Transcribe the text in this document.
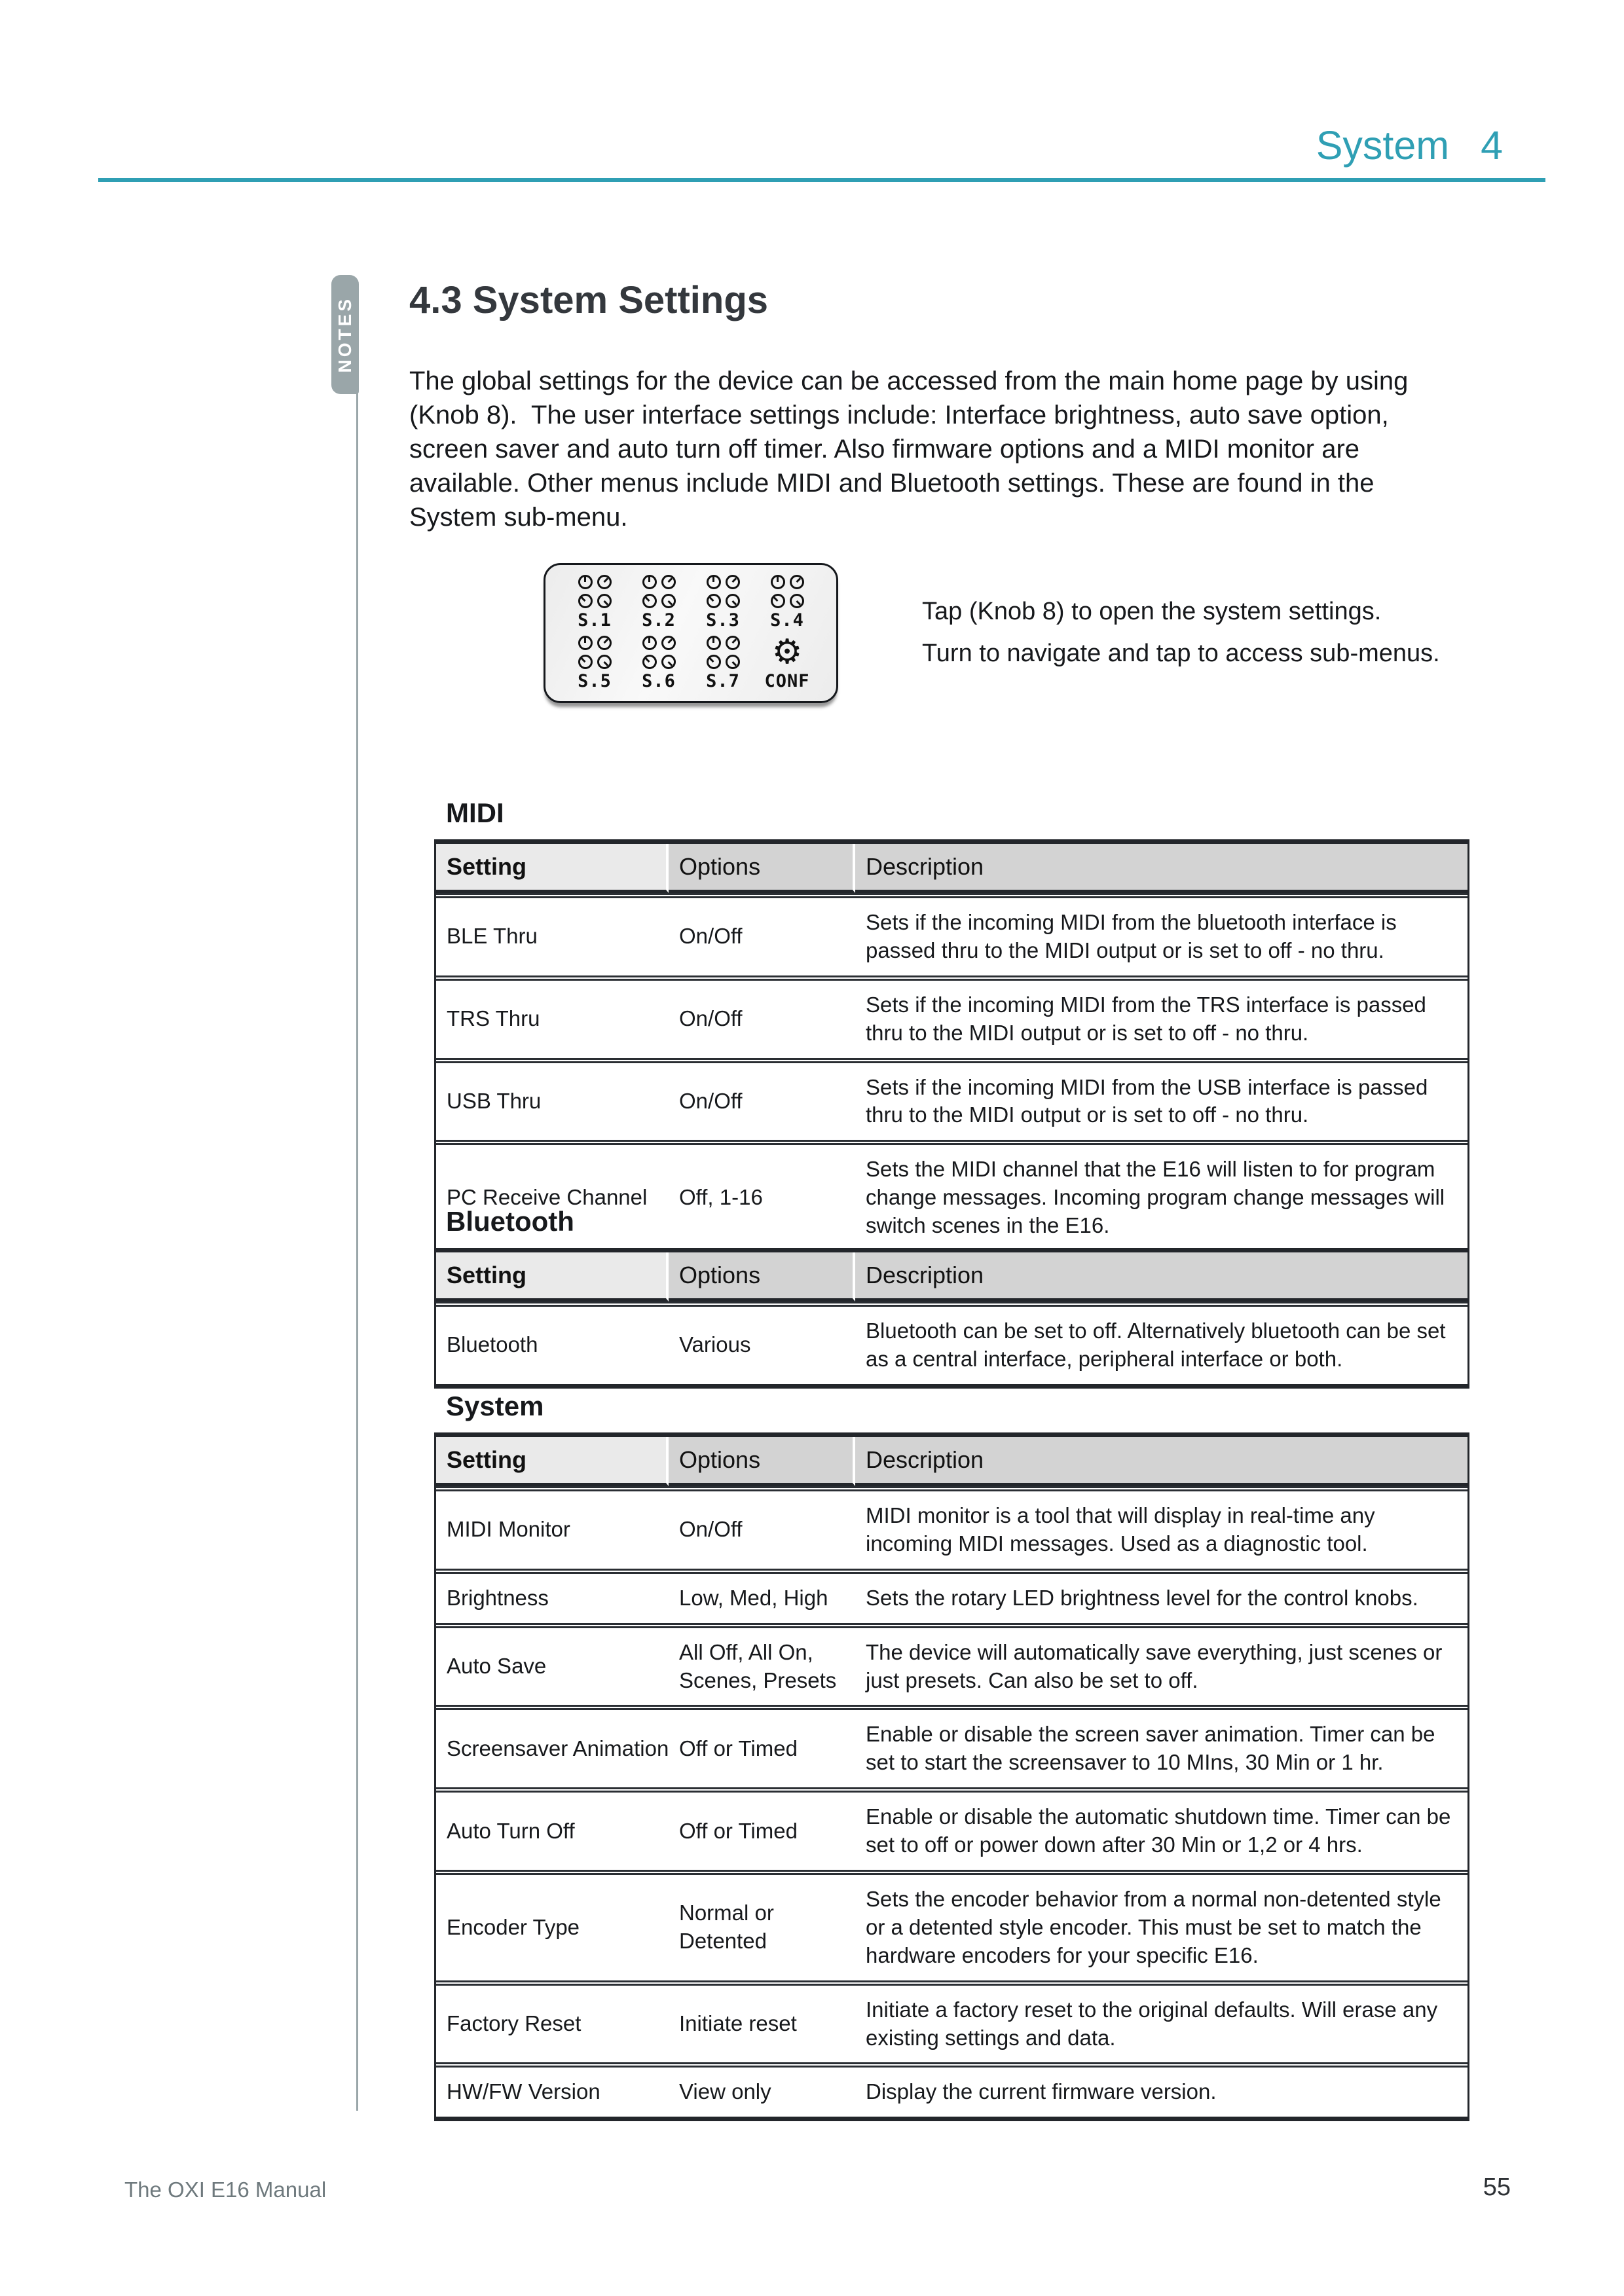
System 4
NOTES 4.3 System Settings
The global settings for the device can be accessed from the main home page by using
(Knob 8).  The user interface settings include: Interface brightness, auto save option,
screen saver and auto turn off timer. Also firmware options and a MIDI monitor are
available. Other menus include MIDI and Bluetooth settings. These are found in the
System sub-menu.
S.1 S.2 S.3 S.4
S.5 S.6 S.7
⚙
CONF
Tap (Knob 8) to open the system settings.
Turn to navigate and tap to access sub-menus.
MIDI
Setting	Options	Description
BLE Thru	On/Off	Sets if the incoming MIDI from the bluetooth interface is passed thru to the MIDI output or is set to off - no thru.
TRS Thru	On/Off	Sets if the incoming MIDI from the TRS interface is passed thru to the MIDI output or is set to off - no thru.
USB Thru	On/Off	Sets if the incoming MIDI from the USB interface is passed thru to the MIDI output or is set to off - no thru.
PC Receive Channel	Off, 1-16	Sets the MIDI channel that the E16 will listen to for program change messages. Incoming program change messages will switch scenes in the E16.
Bluetooth
Setting	Options	Description
Bluetooth	Various	Bluetooth can be set to off. Alternatively bluetooth can be set as a central interface, peripheral interface or both.
System
Setting	Options	Description
MIDI Monitor	On/Off	MIDI monitor is a tool that will display in real-time any incoming MIDI messages. Used as a diagnostic tool.
Brightness	Low, Med, High	Sets the rotary LED brightness level for the control knobs.
Auto Save	All Off, All On, Scenes, Presets	The device will automatically save everything, just scenes or just presets. Can also be set to off.
Screensaver Animation	Off or Timed	Enable or disable the screen saver animation. Timer can be set to start the screensaver to 10 MIns, 30 Min or 1 hr.
Auto Turn Off	Off or Timed	Enable or disable the automatic shutdown time. Timer can be set to off or power down after 30 Min or 1,2 or 4 hrs.
Encoder Type	Normal or Detented	Sets the encoder behavior from a normal non-detented style or a detented style encoder. This must be set to match the hardware encoders for your specific E16.
Factory Reset	Initiate reset	Initiate a factory reset to the original defaults. Will erase any existing settings and data.
HW/FW Version	View only	Display the current firmware version.
The OXI E16 Manual	55
